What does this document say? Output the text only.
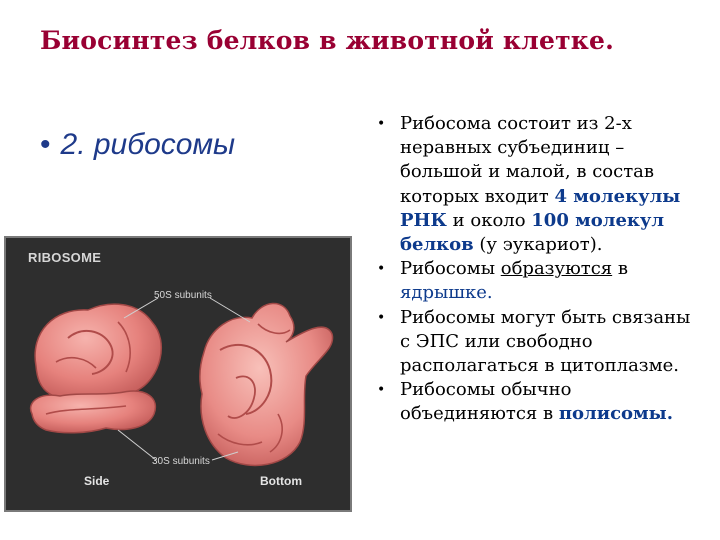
Биосинтез белков в животной клетке.
• 2. рибосомы
RIBOSOME
50S subunits
30S subunits
Side	Bottom
• Рибосома состоит из 2-х неравных субъединиц – большой и малой, в состав которых входит 4 молекулы РНК и около 100 молекул белков (у эукариот).
• Рибосомы образуются в ядрышке.
• Рибосомы могут быть связаны с ЭПС или свободно располагаться в цитоплазме.
• Рибосомы обычно объединяются в полисомы.
